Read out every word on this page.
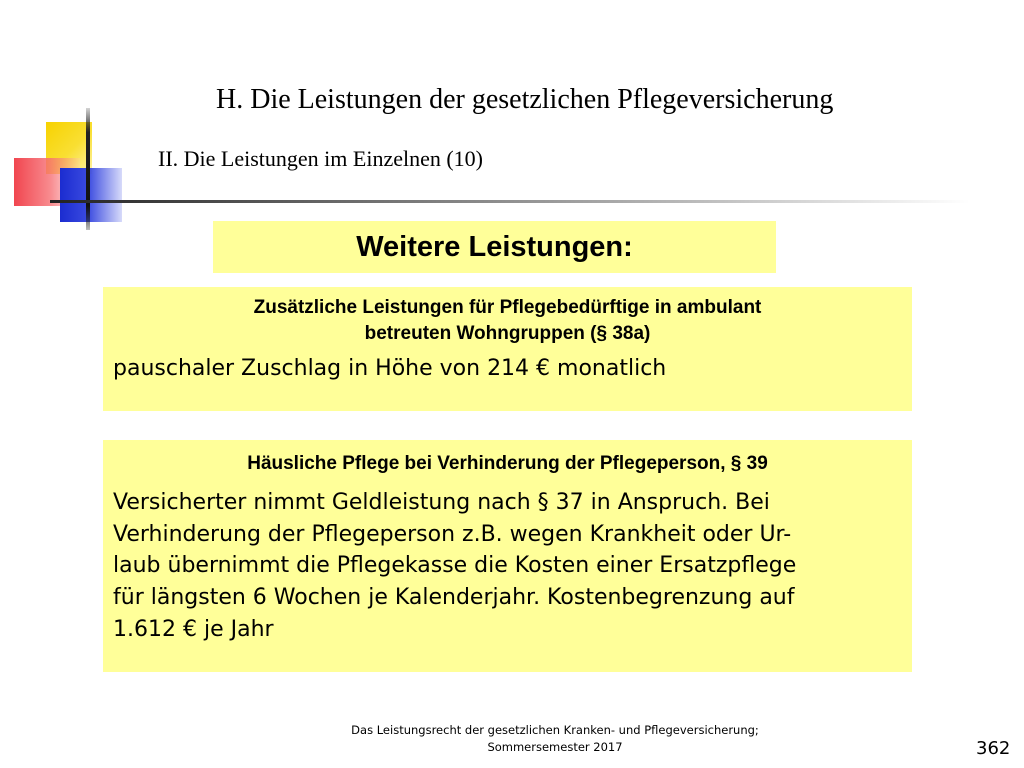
H. Die Leistungen der gesetzlichen Pflegeversicherung
II. Die Leistungen im Einzelnen (10)
Weitere Leistungen:
Zusätzliche Leistungen für Pflegebedürftige in ambulant
betreuten Wohngruppen (§ 38a)
pauschaler Zuschlag in Höhe von 214 € monatlich
Häusliche Pflege bei Verhinderung der Pflegeperson, § 39
Versicherter nimmt Geldleistung nach § 37 in Anspruch. Bei
Verhinderung der Pflegeperson z.B. wegen Krankheit oder Ur-
laub übernimmt die Pflegekasse die Kosten einer Ersatzpflege
für längsten 6 Wochen je Kalenderjahr. Kostenbegrenzung auf
1.612 € je Jahr
Das Leistungsrecht der gesetzlichen Kranken- und Pflegeversicherung;
Sommersemester 2017	362
